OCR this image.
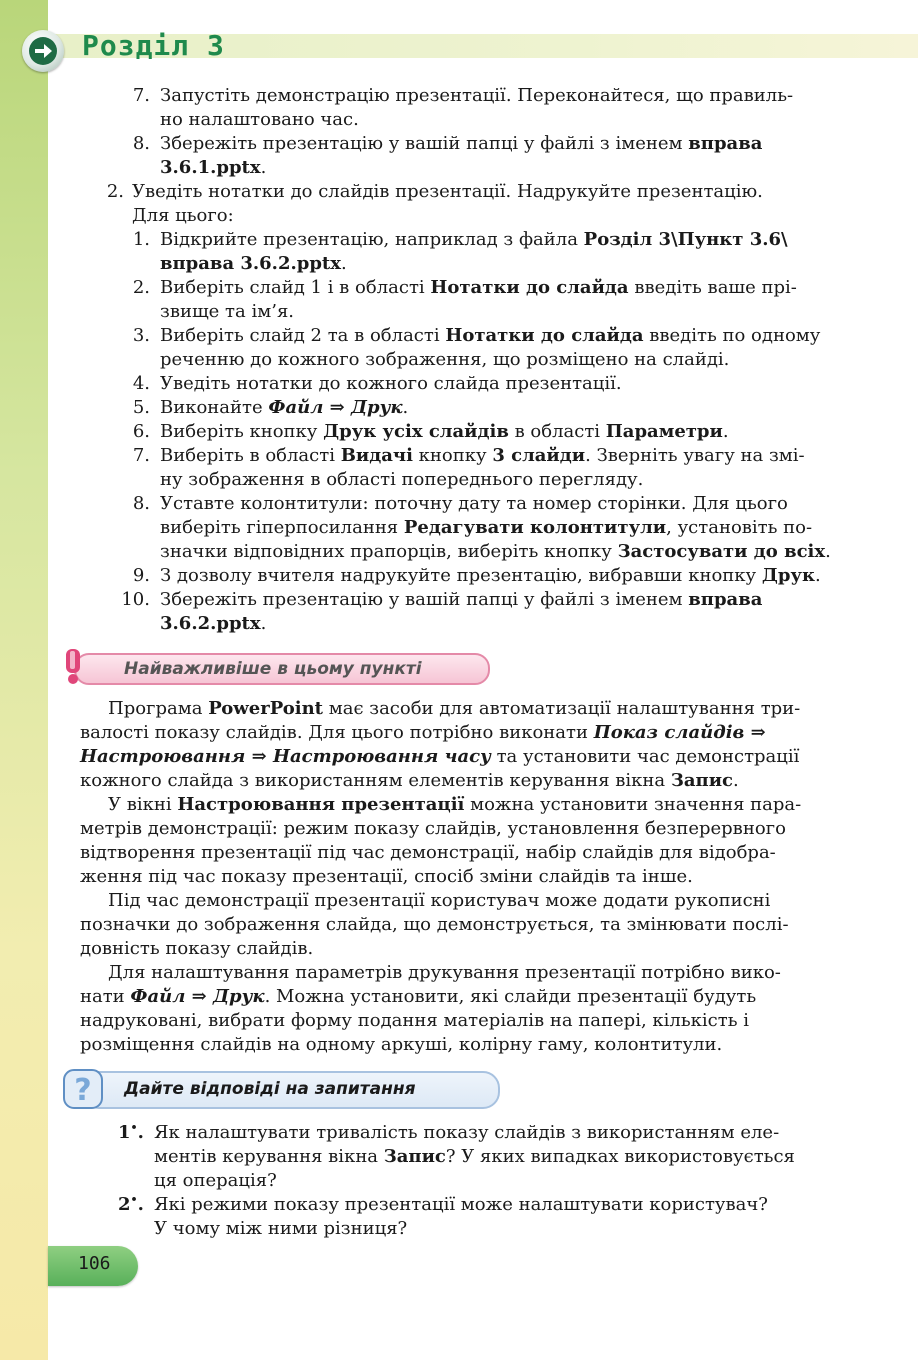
Розділ 3
7. Запустіть демонстрацію презентації. Переконайтеся, що правиль-
но налаштовано час.
8. Збережіть презентацію у вашій папці у файлі з іменем вправа
3.6.1.pptx.
2. Уведіть нотатки до слайдів презентації. Надрукуйте презентацію.
Для цього:
1. Відкрийте презентацію, наприклад з файла Розділ 3\Пункт 3.6\
вправа 3.6.2.pptx.
2. Виберіть слайд 1 і в області Нотатки до слайда введіть ваше прі-
звище та ім’я.
3. Виберіть слайд 2 та в області Нотатки до слайда введіть по одному
реченню до кожного зображення, що розміщено на слайді.
4. Уведіть нотатки до кожного слайда презентації.
5. Виконайте Файл ⇒ Друк.
6. Виберіть кнопку Друк усіх слайдів в області Параметри.
7. Виберіть в області Видачі кнопку 3 слайди. Зверніть увагу на змі-
ну зображення в області попереднього перегляду.
8. Уставте колонтитули: поточну дату та номер сторінки. Для цього
виберіть гіперпосилання Редагувати колонтитули, установіть по-
значки відповідних прапорців, виберіть кнопку Застосувати до всіх.
9. З дозволу вчителя надрукуйте презентацію, вибравши кнопку Друк.
10. Збережіть презентацію у вашій папці у файлі з іменем вправа
3.6.2.pptx.
Найважливіше в цьому пункті
Програма PowerPoint має засоби для автоматизації налаштування три-
валості показу слайдів. Для цього потрібно виконати Показ слайдів ⇒
Настроювання ⇒ Настроювання часу та установити час демонстрації
кожного слайда з використанням елементів керування вікна Запис.
У вікні Настроювання презентації можна установити значення пара-
метрів демонстрації: режим показу слайдів, установлення безперервного
відтворення презентації під час демонстрації, набір слайдів для відобра-
ження під час показу презентації, спосіб зміни слайдів та інше.
Під час демонстрації презентації користувач може додати рукописні
позначки до зображення слайда, що демонструється, та змінювати послі-
довність показу слайдів.
Для налаштування параметрів друкування презентації потрібно вико-
нати Файл ⇒ Друк. Можна установити, які слайди презентації будуть
надруковані, вибрати форму подання матеріалів на папері, кількість і
розміщення слайдів на одному аркуші, колірну гаму, колонтитули.
? Дайте відповіді на запитання
1•. Як налаштувати тривалість показу слайдів з використанням еле-
ментів керування вікна Запис? У яких випадках використовується
ця операція?
2•. Які режими показу презентації може налаштувати користувач?
У чому між ними різниця?
106
